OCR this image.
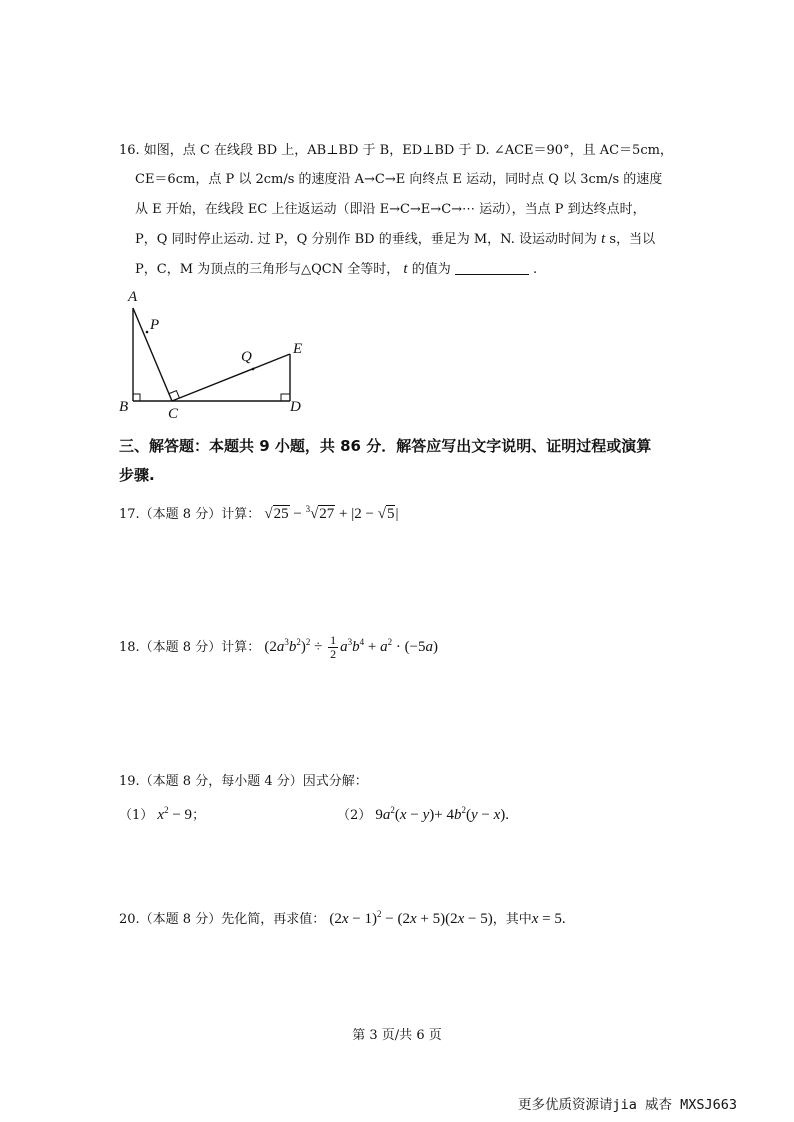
16. 如图，点 C 在线段 BD 上，AB⊥BD 于 B，ED⊥BD 于 D. ∠ACE＝90°，且 AC＝5cm，
CE＝6cm，点 P 以 2cm/s 的速度沿 A→C→E 向终点 E 运动，同时点 Q 以 3cm/s 的速度
从 E 开始，在线段 EC 上往返运动（即沿 E→C→E→C→⋯ 运动），当点 P 到达终点时，
P，Q 同时停止运动. 过 P，Q 分别作 BD 的垂线，垂足为 M，N. 设运动时间为 t s，当以
P，C，M 为顶点的三角形与△QCN 全等时， t 的值为	.
A
P
Q	E
B	C	D
三、解答题：本题共 9 小题，共 86 分．解答应写出文字说明、证明过程或演算
步骤.
17.（本题 8 分）计算： √25 − $^3$√27 + |2 − √5|
18.（本题 8 分）计算： $(2a^3b^2)^2 \div \frac{1}{2} a^3b^4 + a^2 \cdot (-5a)$
19.（本题 8 分，每小题 4 分）因式分解：
（1） $x^2 - 9$；	（2） $9a^2(x - y)+ 4b^2(y - x)$.
20.（本题 8 分）先化简，再求值： $(2x - 1)^2 - (2x + 5)(2x - 5)$，其中x = 5.
第 3 页/共 6 页
更多优质资源请jia 威杏 MXSJ663
